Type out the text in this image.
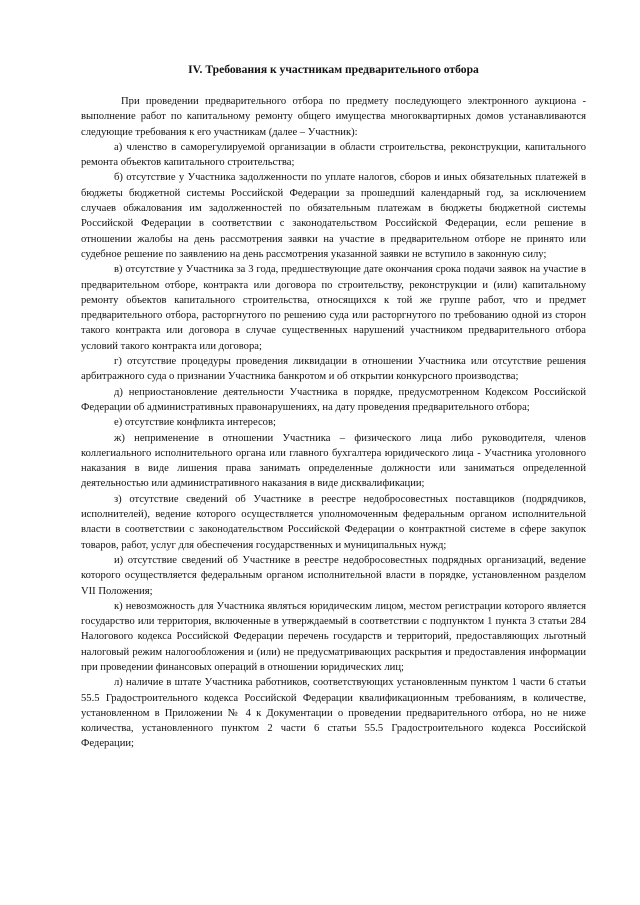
IV. Требования к участникам предварительного отбора

При проведении предварительного отбора по предмету последующего электронного аукциона - выполнение работ по капитальному ремонту общего имущества многоквартирных домов устанавливаются следующие требования к его участникам (далее – Участник):

а) членство в саморегулируемой организации в области строительства, реконструкции, капитального ремонта объектов капитального строительства;

б) отсутствие у Участника задолженности по уплате налогов, сборов и иных обязательных платежей в бюджеты бюджетной системы Российской Федерации за прошедший календарный год, за исключением случаев обжалования им задолженностей по обязательным платежам в бюджеты бюджетной системы Российской Федерации в соответствии с законодательством Российской Федерации, если решение в отношении жалобы на день рассмотрения заявки на участие в предварительном отборе не принято или судебное решение по заявлению на день рассмотрения указанной заявки не вступило в законную силу;

в) отсутствие у Участника за 3 года, предшествующие дате окончания срока подачи заявок на участие в предварительном отборе, контракта или договора по строительству, реконструкции и (или) капитальному ремонту объектов капитального строительства, относящихся к той же группе работ, что и предмет предварительного отбора, расторгнутого по решению суда или расторгнутого по требованию одной из сторон такого контракта или договора в случае существенных нарушений участником предварительного отбора условий такого контракта или договора;

г) отсутствие процедуры проведения ликвидации в отношении Участника или отсутствие решения арбитражного суда о признании Участника банкротом и об открытии конкурсного производства;

д) неприостановление деятельности Участника в порядке, предусмотренном Кодексом Российской Федерации об административных правонарушениях, на дату проведения предварительного отбора;

е) отсутствие конфликта интересов;

ж) неприменение в отношении Участника – физического лица либо руководителя, членов коллегиального исполнительного органа или главного бухгалтера юридического лица - Участника уголовного наказания в виде лишения права занимать определенные должности или заниматься определенной деятельностью или административного наказания в виде дисквалификации;

з) отсутствие сведений об Участнике в реестре недобросовестных поставщиков (подрядчиков, исполнителей), ведение которого осуществляется уполномоченным федеральным органом исполнительной власти в соответствии с законодательством Российской Федерации о контрактной системе в сфере закупок товаров, работ, услуг для обеспечения государственных и муниципальных нужд;

и) отсутствие сведений об Участнике в реестре недобросовестных подрядных организаций, ведение которого осуществляется федеральным органом исполнительной власти в порядке, установленном разделом VII Положения;

к) невозможность для Участника являться юридическим лицом, местом регистрации которого является государство или территория, включенные в утверждаемый в соответствии с подпунктом 1 пункта 3 статьи 284 Налогового кодекса Российской Федерации перечень государств и территорий, предоставляющих льготный налоговый режим налогообложения и (или) не предусматривающих раскрытия и предоставления информации при проведении финансовых операций в отношении юридических лиц;

л) наличие в штате Участника работников, соответствующих установленным пунктом 1 части 6 статьи 55.5 Градостроительного кодекса Российской Федерации квалификационным требованиям, в количестве, установленном в Приложении № 4 к Документации о проведении предварительного отбора, но не ниже количества, установленного пунктом 2 части 6 статьи 55.5 Градостроительного кодекса Российской Федерации;
